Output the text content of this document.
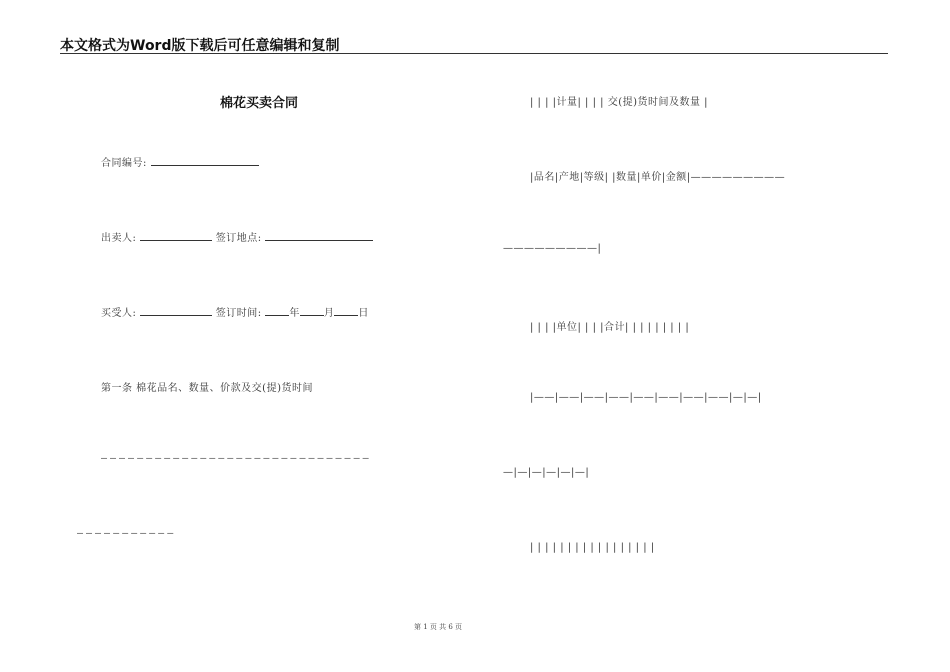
本文格式为Word版下载后可任意编辑和复制
棉花买卖合同
合同编号:
出卖人:	签订地点:
买受人:	签订时间:	年 月 日
第一条 棉花品名、数量、价款及交(提)货时间
——————————————————————————————
———————————
| | | |计量| | | | 交(提)货时间及数量 |
|品名|产地|等级| |数量|单价|金额|—————————
—————————|
| | | |单位| | | |合计| | | | | | | | |
|——|——|——|——|——|——|——|——|—|—|
—|—|—|—|—|—|
| | | | | | | | | | | | | | | | |
第 1 页 共 6 页
